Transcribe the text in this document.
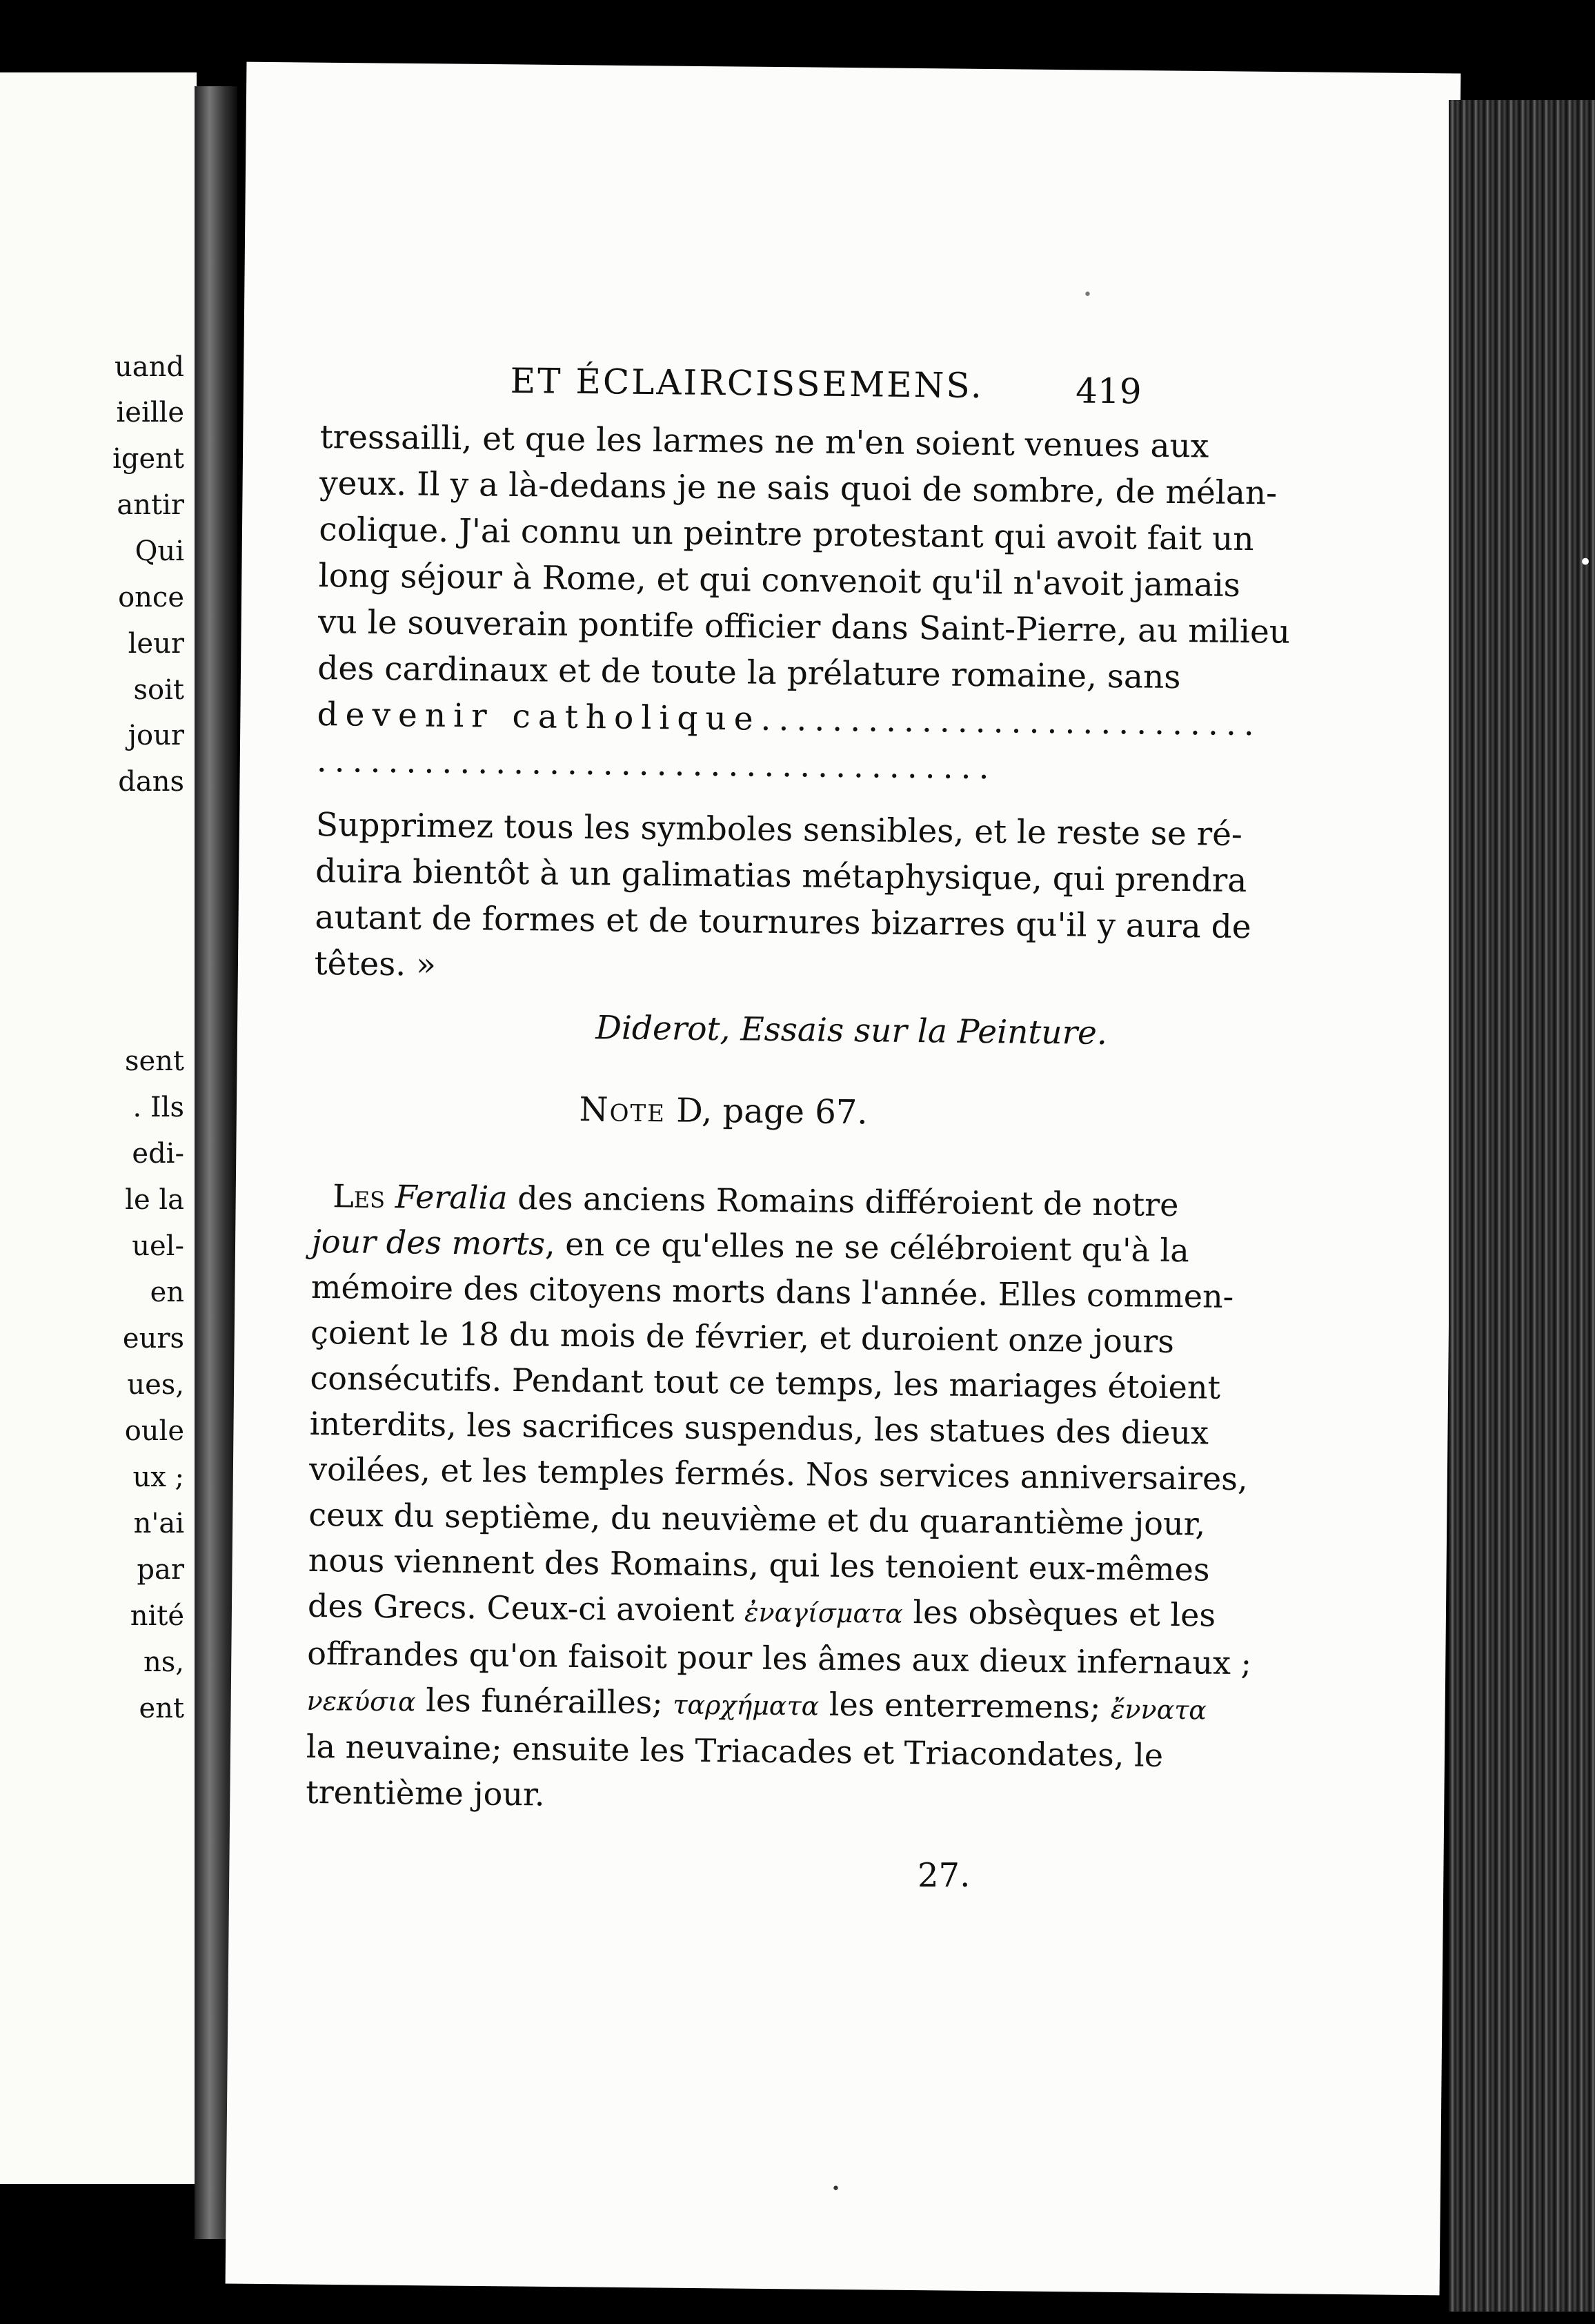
uand
ieille
igent
antir
Qui
once
leur
soit
jour
dans
sent
. Ils
edi-
le la
uel-
en
eurs
ues,
oule
ux ;
n'ai
par
nité
ns,
ent
•
•
•
ET ÉCLAIRCISSEMENS.	419
tressailli, et que les larmes ne m'en soient venues aux
yeux. Il y a là-dedans je ne sais quoi de sombre, de mélan-
colique. J'ai connu un peintre protestant qui avoit fait un
long séjour à Rome, et qui convenoit qu'il n'avoit jamais
vu le souverain pontife officier dans Saint-Pierre, au milieu
des cardinaux et de toute la prélature romaine, sans
devenir catholique............................
......................................
Supprimez tous les symboles sensibles, et le reste se ré-
duira bientôt à un galimatias métaphysique, qui prendra
autant de formes et de tournures bizarres qu'il y aura de
têtes. »
Diderot, Essais sur la Peinture.
Note D, page 67.
Les Feralia des anciens Romains différoient de notre
jour des morts, en ce qu'elles ne se célébroient qu'à la
mémoire des citoyens morts dans l'année. Elles commen-
çoient le 18 du mois de février, et duroient onze jours
consécutifs. Pendant tout ce temps, les mariages étoient
interdits, les sacrifices suspendus, les statues des dieux
voilées, et les temples fermés. Nos services anniversaires,
ceux du septième, du neuvième et du quarantième jour,
nous viennent des Romains, qui les tenoient eux-mêmes
des Grecs. Ceux-ci avoient ἐναγίσματα les obsèques et les
offrandes qu'on faisoit pour les âmes aux dieux infernaux ;
νεκύσια les funérailles; ταρχήματα les enterremens; ἔννατα
la neuvaine; ensuite les Triacades et Triacondates, le
trentième jour.
27.
